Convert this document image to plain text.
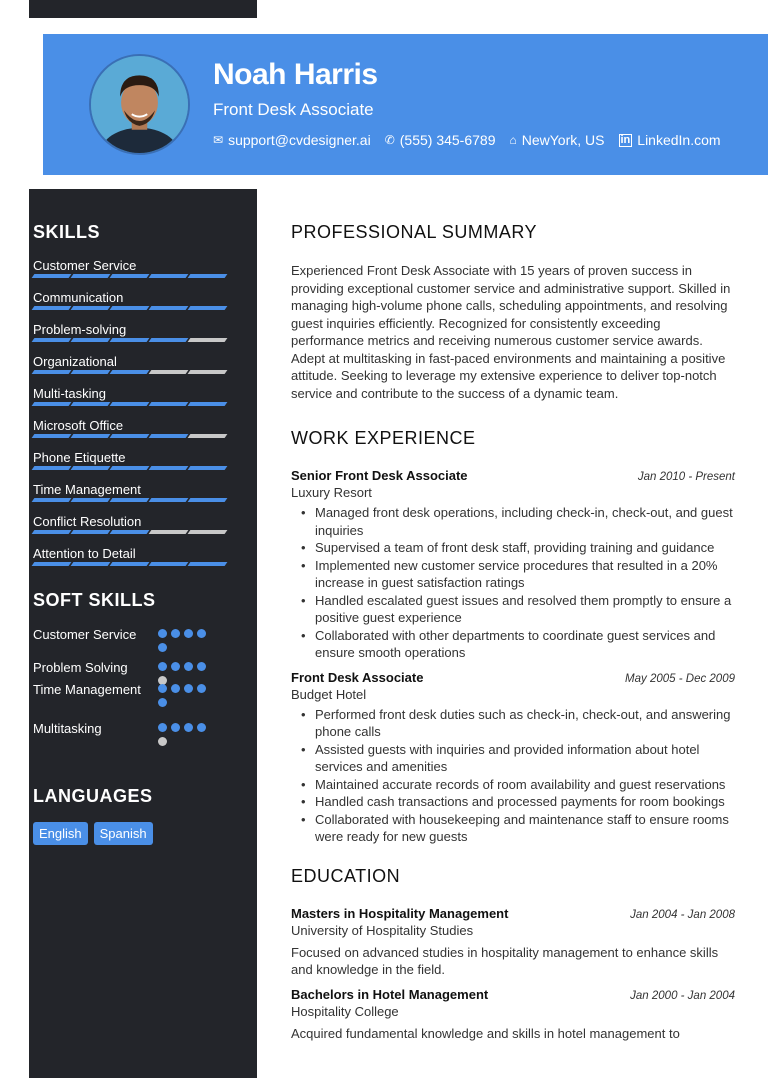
Noah Harris
Front Desk Associate
✉ support@cvdesigner.ai ✆ (555) 345-6789 ⌂ NewYork, US in LinkedIn.com
SKILLS
Customer Service
Communication
Problem-solving
Organizational
Multi-tasking
Microsoft Office
Phone Etiquette
Time Management
Conflict Resolution
Attention to Detail
SOFT SKILLS
Customer Service
Problem Solving
Time Management
Multitasking
LANGUAGES
English	Spanish
PROFESSIONAL SUMMARY
Experienced Front Desk Associate with 15 years of proven success in providing exceptional customer service and administrative support. Skilled in managing high-volume phone calls, scheduling appointments, and resolving guest inquiries efficiently. Recognized for consistently exceeding performance metrics and receiving numerous customer service awards. Adept at multitasking in fast-paced environments and maintaining a positive attitude. Seeking to leverage my extensive experience to deliver top-notch service and contribute to the success of a dynamic team.
WORK EXPERIENCE
Senior Front Desk Associate	Jan 2010 - Present
Luxury Resort
• Managed front desk operations, including check-in, check-out, and guest inquiries
• Supervised a team of front desk staff, providing training and guidance
• Implemented new customer service procedures that resulted in a 20% increase in guest satisfaction ratings
• Handled escalated guest issues and resolved them promptly to ensure a positive guest experience
• Collaborated with other departments to coordinate guest services and ensure smooth operations
Front Desk Associate	May 2005 - Dec 2009
Budget Hotel
• Performed front desk duties such as check-in, check-out, and answering phone calls
• Assisted guests with inquiries and provided information about hotel services and amenities
• Maintained accurate records of room availability and guest reservations
• Handled cash transactions and processed payments for room bookings
• Collaborated with housekeeping and maintenance staff to ensure rooms were ready for new guests
EDUCATION
Masters in Hospitality Management	Jan 2004 - Jan 2008
University of Hospitality Studies
Focused on advanced studies in hospitality management to enhance skills and knowledge in the field.
Bachelors in Hotel Management	Jan 2000 - Jan 2004
Hospitality College
Acquired fundamental knowledge and skills in hotel management to
